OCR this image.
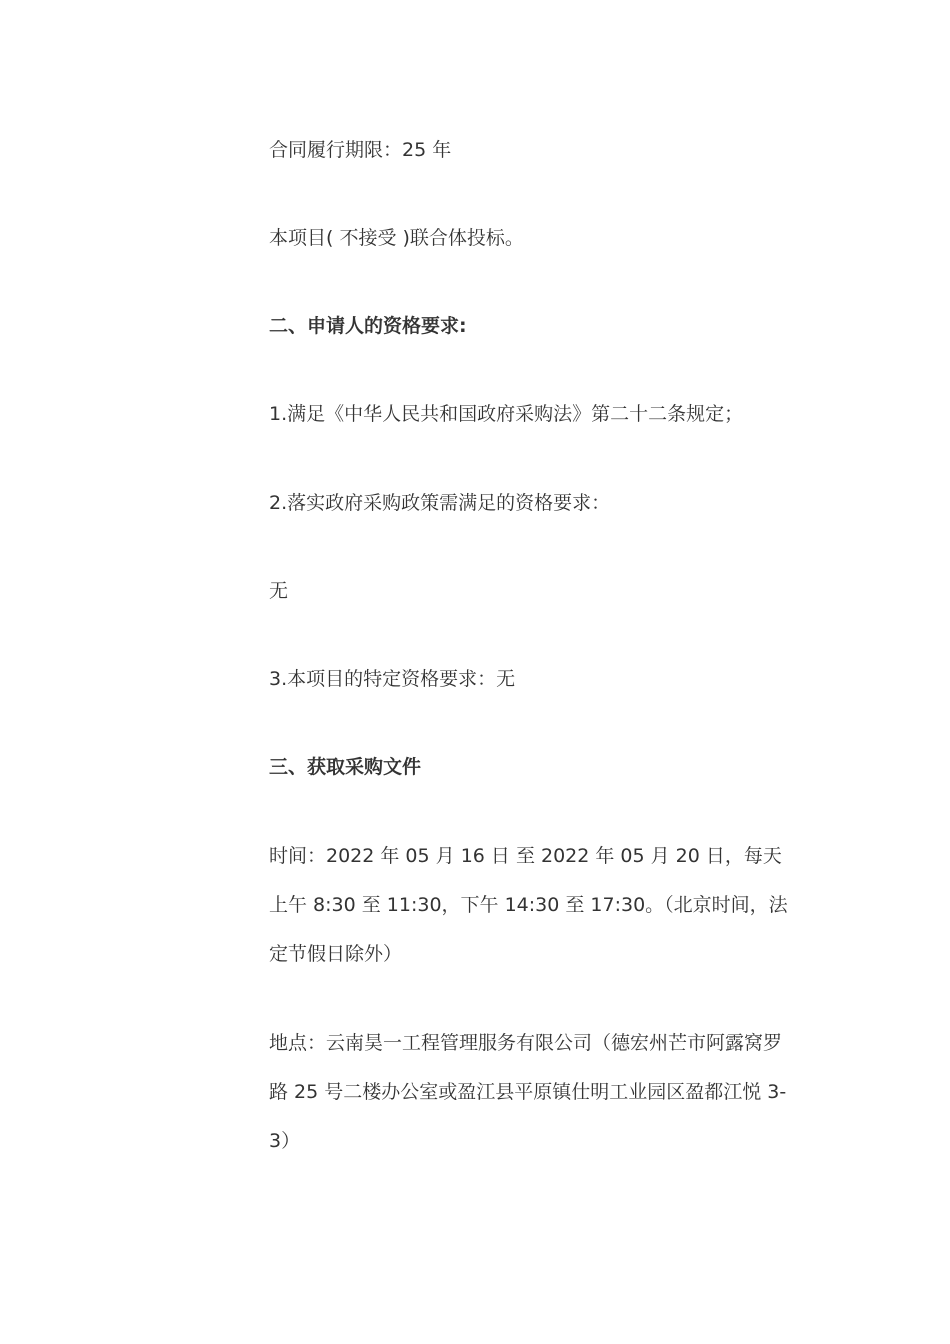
合同履行期限：25 年

本项目( 不接受 )联合体投标。

二、申请人的资格要求:

1.满足《中华人民共和国政府采购法》第二十二条规定；

2.落实政府采购政策需满足的资格要求：

无

3.本项目的特定资格要求：无

三、获取采购文件

时间：2022 年 05 月 16 日 至 2022 年 05 月 20 日，每天上午 8:30 至 11:30，下午 14:30 至 17:30。（北京时间，法定节假日除外）

地点：云南昊一工程管理服务有限公司（德宏州芒市阿露窝罗路 25 号二楼办公室或盈江县平原镇仕明工业园区盈都江悦 3-3）
